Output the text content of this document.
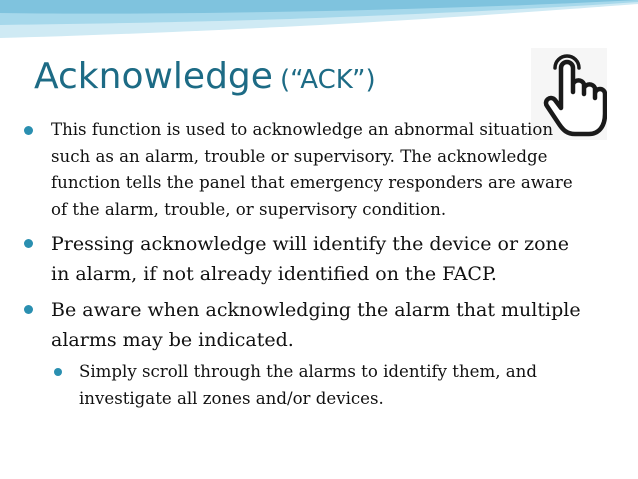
Acknowledge (“ACK”)
This function is used to acknowledge an abnormal situation such as an alarm, trouble or supervisory. The acknowledge function tells the panel that emergency responders are aware of the alarm, trouble, or supervisory condition.
Pressing acknowledge will identify the device or zone in alarm, if not already identified on the FACP.
Be aware when acknowledging the alarm that multiple alarms may be indicated.
Simply scroll through the alarms to identify them, and investigate all zones and/or devices.
